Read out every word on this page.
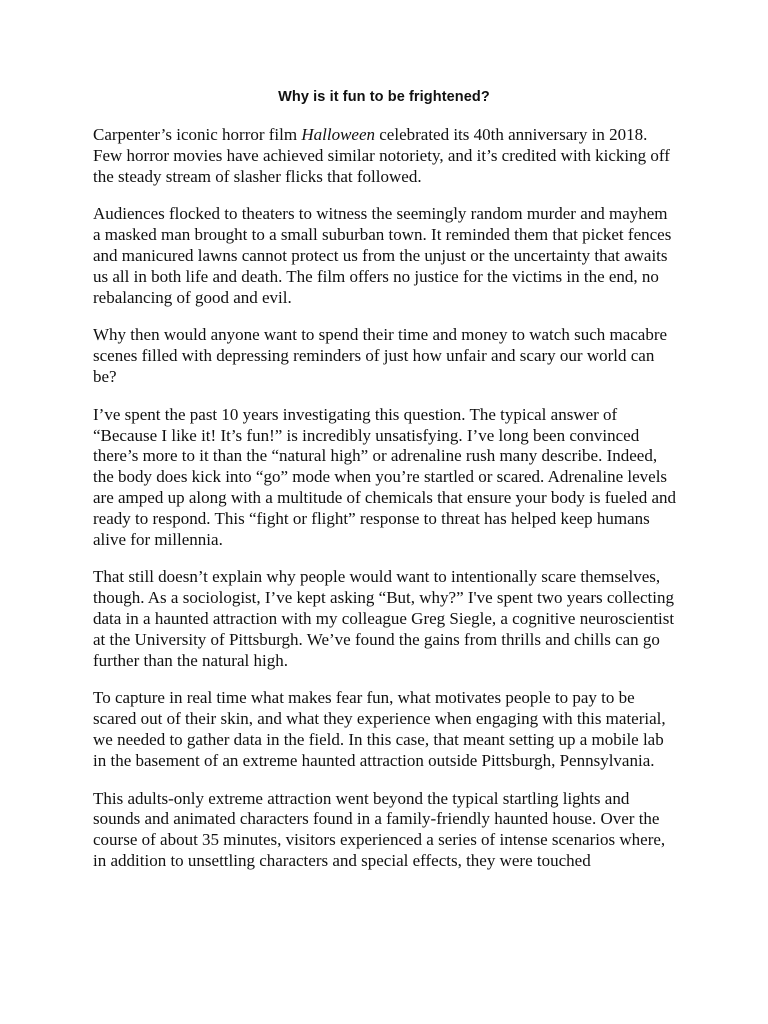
Why is it fun to be frightened?

Carpenter’s iconic horror film Halloween celebrated its 40th anniversary in 2018. Few horror movies have achieved similar notoriety, and it’s credited with kicking off the steady stream of slasher flicks that followed.

Audiences flocked to theaters to witness the seemingly random murder and mayhem a masked man brought to a small suburban town. It reminded them that picket fences and manicured lawns cannot protect us from the unjust or the uncertainty that awaits us all in both life and death. The film offers no justice for the victims in the end, no rebalancing of good and evil.

Why then would anyone want to spend their time and money to watch such macabre scenes filled with depressing reminders of just how unfair and scary our world can be?

I’ve spent the past 10 years investigating this question. The typical answer of “Because I like it! It’s fun!” is incredibly unsatisfying. I’ve long been convinced there’s more to it than the “natural high” or adrenaline rush many describe. Indeed, the body does kick into “go” mode when you’re startled or scared. Adrenaline levels are amped up along with a multitude of chemicals that ensure your body is fueled and ready to respond. This “fight or flight” response to threat has helped keep humans alive for millennia.

That still doesn’t explain why people would want to intentionally scare themselves, though. As a sociologist, I’ve kept asking “But, why?” I've spent two years collecting data in a haunted attraction with my colleague Greg Siegle, a cognitive neuroscientist at the University of Pittsburgh. We’ve found the gains from thrills and chills can go further than the natural high.

To capture in real time what makes fear fun, what motivates people to pay to be scared out of their skin, and what they experience when engaging with this material, we needed to gather data in the field. In this case, that meant setting up a mobile lab in the basement of an extreme haunted attraction outside Pittsburgh, Pennsylvania.

This adults-only extreme attraction went beyond the typical startling lights and sounds and animated characters found in a family-friendly haunted house. Over the course of about 35 minutes, visitors experienced a series of intense scenarios where, in addition to unsettling characters and special effects, they were touched
